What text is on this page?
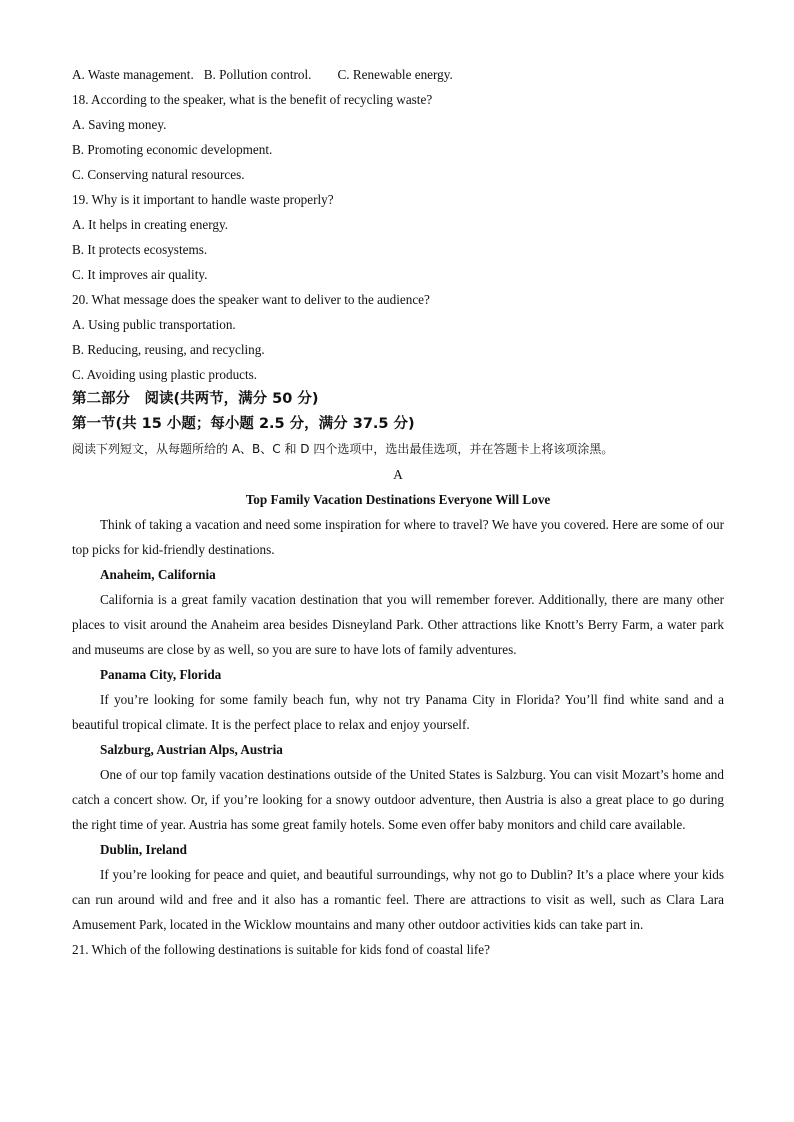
A. Waste management. B. Pollution control. C. Renewable energy.
18. According to the speaker, what is the benefit of recycling waste?
A. Saving money.
B. Promoting economic development.
C. Conserving natural resources.
19. Why is it important to handle waste properly?
A. It helps in creating energy.
B. It protects ecosystems.
C. It improves air quality.
20. What message does the speaker want to deliver to the audience?
A. Using public transportation.
B. Reducing, reusing, and recycling.
C. Avoiding using plastic products.
第二部分　阅读(共两节，满分 50 分)
第一节(共 15 小题；每小题 2.5 分，满分 37.5 分)
阅读下列短文，从每题所给的 A、B、C 和 D 四个选项中，选出最佳选项，并在答题卡上将该项涂黑。
A
Top Family Vacation Destinations Everyone Will Love
Think of taking a vacation and need some inspiration for where to travel? We have you covered. Here are some of our top picks for kid-friendly destinations.
Anaheim, California
California is a great family vacation destination that you will remember forever. Additionally, there are many other places to visit around the Anaheim area besides Disneyland Park. Other attractions like Knott’s Berry Farm, a water park and museums are close by as well, so you are sure to have lots of family adventures.
Panama City, Florida
If you’re looking for some family beach fun, why not try Panama City in Florida? You’ll find white sand and a beautiful tropical climate. It is the perfect place to relax and enjoy yourself.
Salzburg, Austrian Alps, Austria
One of our top family vacation destinations outside of the United States is Salzburg. You can visit Mozart’s home and catch a concert show. Or, if you’re looking for a snowy outdoor adventure, then Austria is also a great place to go during the right time of year. Austria has some great family hotels. Some even offer baby monitors and child care available.
Dublin, Ireland
If you’re looking for peace and quiet, and beautiful surroundings, why not go to Dublin? It’s a place where your kids can run around wild and free and it also has a romantic feel. There are attractions to visit as well, such as Clara Lara Amusement Park, located in the Wicklow mountains and many other outdoor activities kids can take part in.
21. Which of the following destinations is suitable for kids fond of coastal life?
